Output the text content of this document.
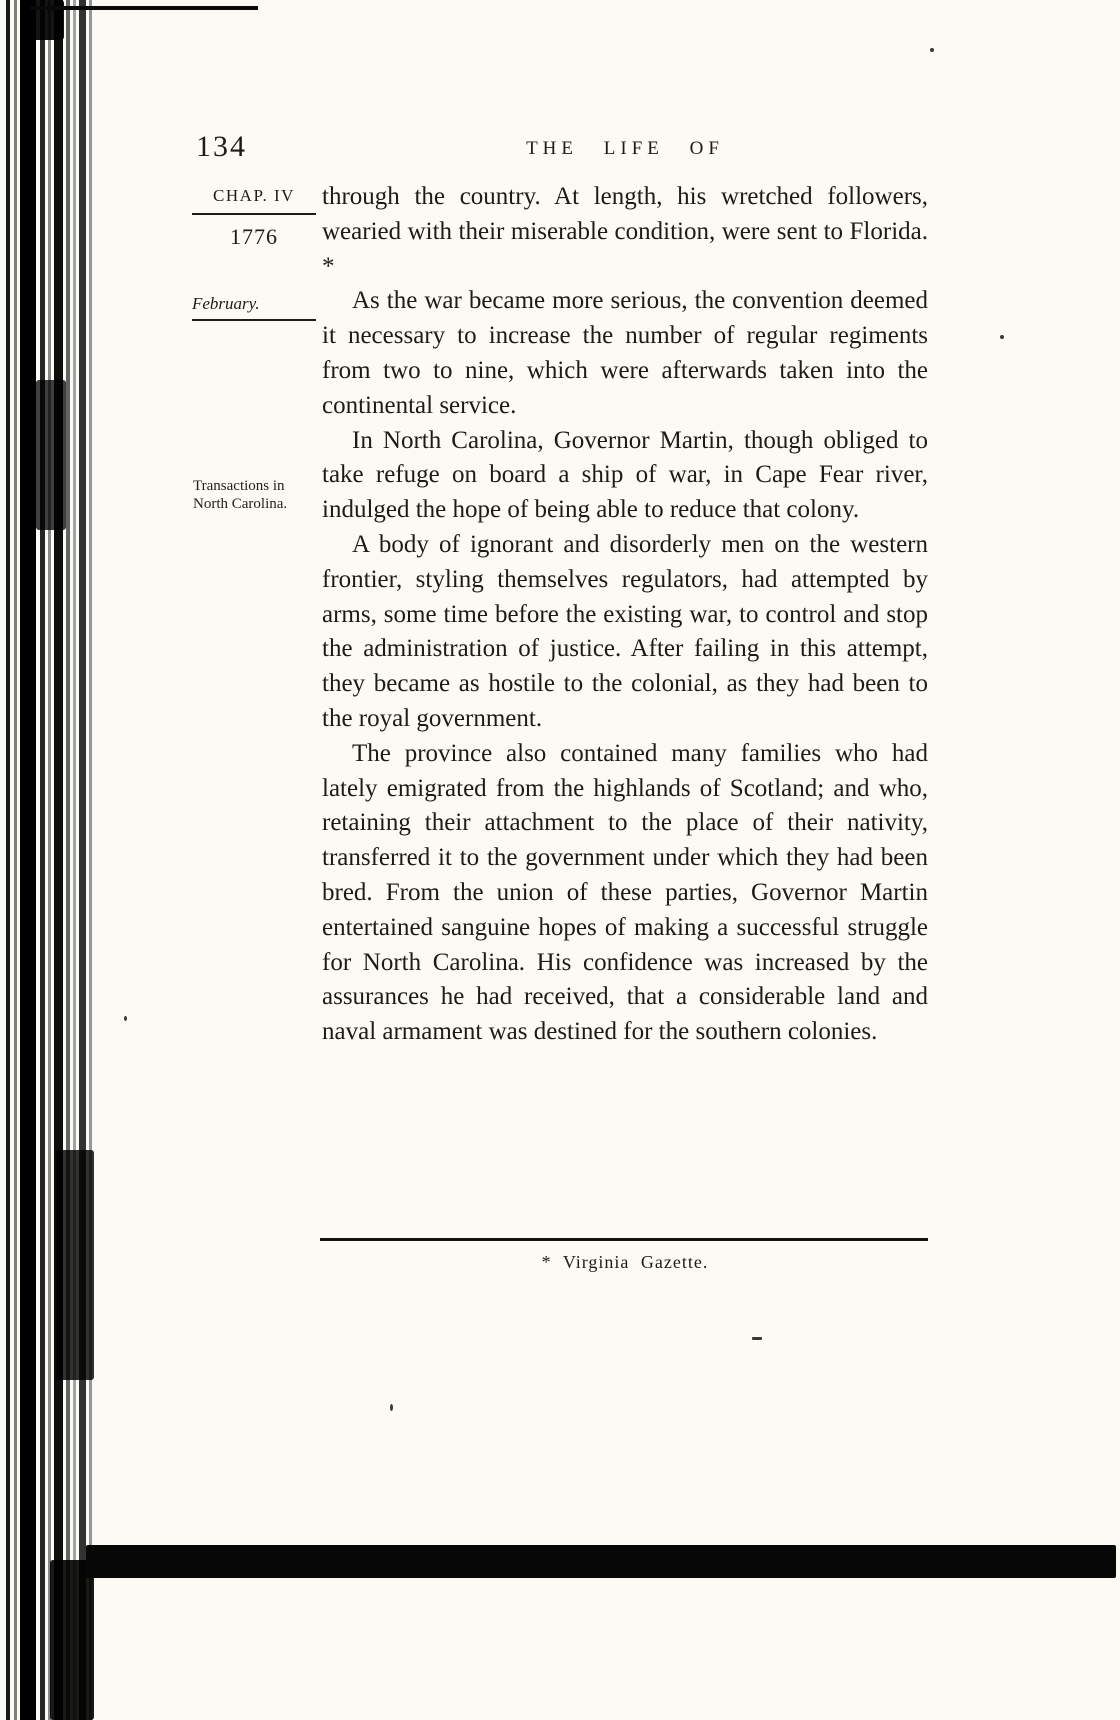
134	THE LIFE OF
CHAP. IV
1776
February.
Transactions in North Carolina.

through the country. At length, his wretched followers, wearied with their miserable condition, were sent to Florida. *

As the war became more serious, the convention deemed it necessary to increase the number of regular regiments from two to nine, which were afterwards taken into the continental service.

In North Carolina, Governor Martin, though obliged to take refuge on board a ship of war, in Cape Fear river, indulged the hope of being able to reduce that colony.

A body of ignorant and disorderly men on the western frontier, styling themselves regulators, had attempted by arms, some time before the existing war, to control and stop the administration of justice. After failing in this attempt, they became as hostile to the colonial, as they had been to the royal government.

The province also contained many families who had lately emigrated from the highlands of Scotland; and who, retaining their attachment to the place of their nativity, transferred it to the government under which they had been bred. From the union of these parties, Governor Martin entertained sanguine hopes of making a successful struggle for North Carolina. His confidence was increased by the assurances he had received, that a considerable land and naval armament was destined for the southern colonies.

* Virginia Gazette.
